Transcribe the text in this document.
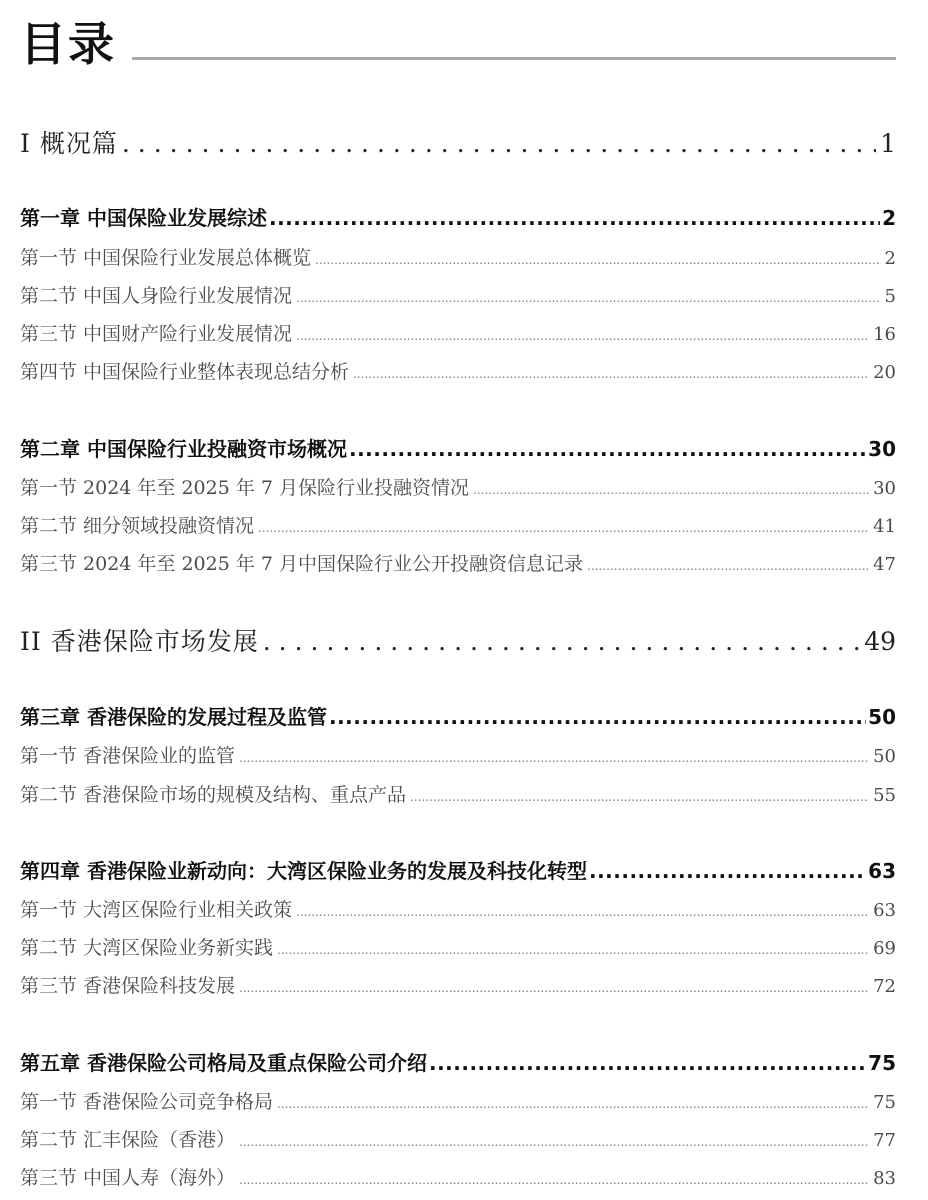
目录
I 概况篇 .....	1
第一章 中国保险业发展综述 .....	2
第一节 中国保险行业发展总体概览 .....	2
第二节 中国人身险行业发展情况 .....	5
第三节 中国财产险行业发展情况 .....	16
第四节 中国保险行业整体表现总结分析 .....	20
第二章 中国保险行业投融资市场概况 .....	30
第一节 2024 年至 2025 年 7 月保险行业投融资情况 .....	30
第二节 细分领域投融资情况 .....	41
第三节 2024 年至 2025 年 7 月中国保险行业公开投融资信息记录 .....	47
II 香港保险市场发展 .....	49
第三章 香港保险的发展过程及监管 .....	50
第一节 香港保险业的监管 .....	50
第二节 香港保险市场的规模及结构、重点产品 .....	55
第四章 香港保险业新动向：大湾区保险业务的发展及科技化转型 .....	63
第一节 大湾区保险行业相关政策 .....	63
第二节 大湾区保险业务新实践 .....	69
第三节 香港保险科技发展 .....	72
第五章 香港保险公司格局及重点保险公司介绍 .....	75
第一节 香港保险公司竞争格局 .....	75
第二节 汇丰保险（香港） .....	77
第三节 中国人寿（海外） .....	83
